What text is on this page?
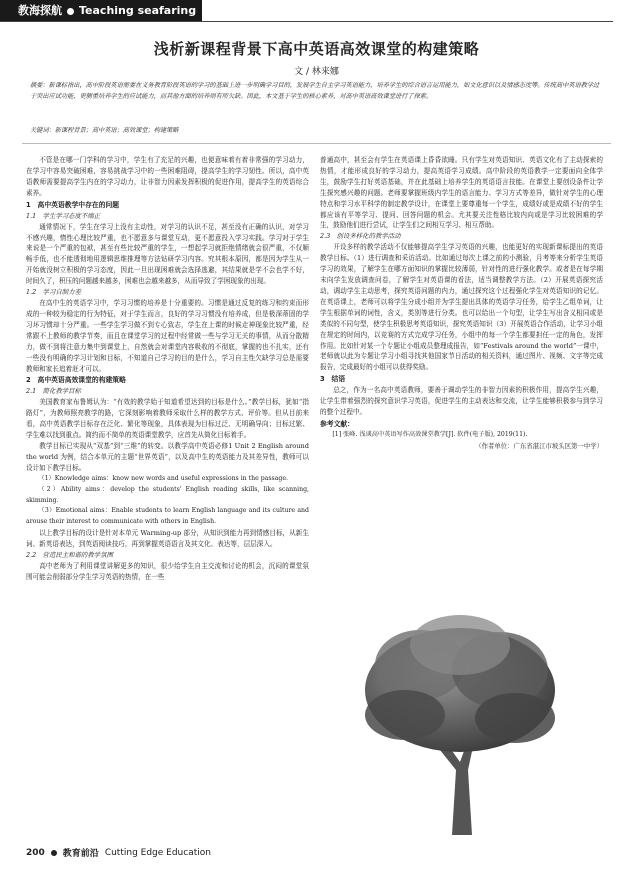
教海探航 Teaching seafaring
浅析新课程背景下高中英语高效课堂的构建策略
文 / 林来娜
摘要：新课标指出，高中阶段英语需要在义务教育阶段英语的学习的基础上进一步明确学习目的，发展学生自主学习英语能力，培养学生的综合语言运用能力，如文化意识以及情感态度等。传统高中英语教学过于突出应试功能，更侧重培养学生的应试能力，而其他方面的培养则有所欠缺。因此，本文基于学生的核心素养，对高中英语高效课堂进行了探索。
关键词：新课程背景；高中英语；高效课堂；构建策略

不管是在哪一门学科的学习中，学生有了充足的兴趣，也便意味着有着非常强的学习动力，在学习中容易突破困难，容易挑战学习中的一些困难阻碍，提高学生的学习韧性。所以，高中英语教师需要提高学生内在的学习动力，让非智力因素发挥积极的促进作用，提高学生的英语综合素养。

1　高中英语教学中存在的问题
1.1　学生学习态度不端正

通常情况下，学生在学习上没有主动性，对学习的认识不足，甚至没有正确的认识，对学习不感兴趣，惰性心理比较严重，也不愿意多与课堂互动，更不愿意投入学习实践。学习对于学生来说是一个严重的包袱，甚至有些比较严重的学生，一想起学习就拒绝情绪就会很严重，不仅顺畅手低，也不能透彻地用逻辑思维推理等方法钻研学习内容。究其根本原因，都是因为学生从一开始就没树立积极的学习态度，因此一旦出现困难就会选择逃避，其结果就是学不会也学不好，时间久了，积压的问题越来越多，困难也会越来越多，从而导致了学困现象的出现。

1.2　学习自制力差

在高中生的英语学习中，学习习惯的培养是十分重要的。习惯是通过反复的练习和约束而形成的一种较为稳定的行为特征，对于学生而言，良好的学习习惯没有培养成，但是极深蒂固的学习坏习惯却十分严重。一些学生学习做不到专心致志，学生在上课的时候走神现象比较严重，经常跟不上教师的教学节奏，而且在课堂学习的过程中经常做一些与学习无关的事情，从而分散精力，做不到将注意力集中到课堂上，自然就会对课堂内容吸收的不彻底，掌握的也不扎实，还有一些没有明确的学习计划和目标，不知道自己学习的目的是什么，学习自主性欠缺学习总是需要教师和家长追着赶才可以。

2　高中英语高效课堂的构建策略
2.1　简化教学目标

美国教育家布鲁姆认为：“有效的教学始于知道希望达到的目标是什么。”教学目标，犹如“指路灯”，为教师照亮教学的路，它深刻影响着教师采取什么样的教学方式、评价等。但从目前来看，高中英语教学目标存在泛化、繁化等现象，具体表现为目标过泛、无明确导向；目标过繁、学生难以找到重点。简约而不简单的英语课堂教学，应首先从简化目标着手。

教学目标已实现从“双基”到“三维”的转变。以教学高中英语必修1 Unit 2 English around the world 为例，结合本单元的主题“世界英语”，以及高中生的英语能力及其差异性，教师可以设计如下教学目标。

（1）Knowledge aims：know new words and useful expressions in the passage.

（2）Ability aims：develop the students' English reading skills, like scanning, skimming.

（3）Emotional aims：Enable students to learn English language and its culture and arouse their interest to communicate with others in English.

以上教学目标的设计是针对本单元 Warming-up 部分，从知识到能力再到情感目标，从新生词、新英语表达，到英语阅读技巧，再到掌握英语语言及其文化、表达等，层层深入。

2.2　营造民主和谐的教学氛围

高中老师为了利用课堂讲解更多的知识，很少给学生自主交流和讨论的机会，沉闷的课堂氛围可能会削弱部分学生学习英语的热情，在一些

普通高中，甚至会有学生在英语课上昏昏欲睡。只有学生对英语知识、英语文化有了主动探索的热情，才能形成良好的学习动力，提高英语学习成绩。高中阶段的英语教学一定要面向全体学生，鼓励学生打好英语基础，并在此基础上培养学生的英语语言技能。在课堂上要创设条件让学生探究感兴趣的问题。老师要掌握班级内学生的语言能力、学习方式等差异，做针对学生的心理特点和学习水平科学的制定教学设计，在课堂上要尊重每一个学生，成绩好或是成绩不好的学生都应该有平等学习、提问、回答问题的机会。尤其要关注性格比较内向或是学习比较困难的学生，鼓励他们进行尝试，让学生们之间相互学习、相互帮助。

2.3　创设多样化的教学活动

开设多样的教学活动不仅能够提高学生学习英语的兴趣，也能更好的实现新课标提出的英语教学目标。（1）进行调查和采访活动。比如通过每次上课之前的小测验，月考等来分析学生英语学习的效果，了解学生在哪方面知识的掌握比较薄弱，针对性的进行强化教学。或者是在每学期末向学生发放调查问卷，了解学生对英语课的看法，适当调整教学方法。（2）开展英语探究活动，调动学生主动思考，探究英语问题的内力，通过探究这个过程强化学生对英语知识的记忆。在英语课上，老师可以将学生分成小组并为学生提出具体的英语学习任务，给学生乙组单词，让学生根据单词的词性，含义，类别等进行分类。也可以给出一个句型，让学生写出含义相同或是类似的不同句型，使学生积极思考英语知识，探究英语知识（3）开展英语合作活动，让学习小组在规定的时间内，以竞赛的方式完成学习任务，小组中的每一个学生都要担任一定的角色，发挥作用。比如针对某一个专题让小组成员整理成报告，如“Festivals around the world”一课中，老师就以此为专题让学习小组寻找其他国家节日活动的相关资料，通过图片、视频、文字等完成报告，完成最好的小组可以获得奖励。

3　结语

总之，作为一名高中英语教师，要善于调动学生的非智力因素的积极作用，提高学生兴趣，让学生带着强烈的探究意识学习英语，促进学生的主动表达和交流，让学生能够积极参与到学习的整个过程中。

参考文献：

[1] 张峰. 浅谈高中英语写作高效课堂教学[J]. 软件(电子版), 2019(11).

（作者单位：广东省湛江市坡头区第一中学）

200 教育前沿 Cutting Edge Education
